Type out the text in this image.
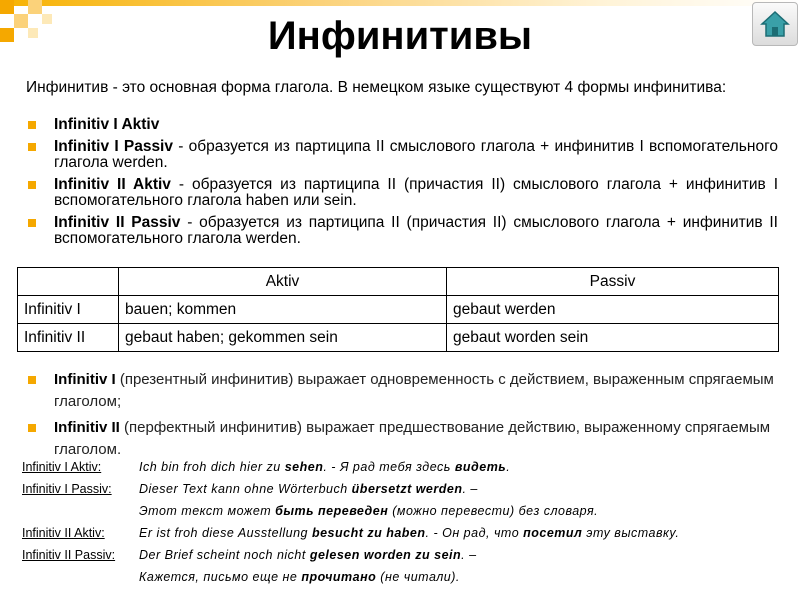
Инфинитивы
Инфинитив - это основная форма глагола. В немецком языке существуют 4 формы инфинитива:
Infinitiv I Aktiv
Infinitiv I Passiv - образуется из партиципа II смыслового глагола + инфинитив I вспомогательного глагола werden.
Infinitiv II Aktiv - образуется из партиципа II (причастия II) смыслового глагола + инфинитив I вспомогательного глагола haben или sein.
Infinitiv II Passiv - образуется из партиципа II (причастия II) смыслового глагола + инфинитив II вспомогательного глагола werden.
	Aktiv	Passiv
Infinitiv I	bauen; kommen	gebaut werden
Infinitiv II	gebaut haben; gekommen sein	gebaut worden sein
Infinitiv I (презентный инфинитив) выражает одновременность с действием, выраженным спрягаемым глаголом;
Infinitiv II (перфектный инфинитив) выражает предшествование действию, выраженному спрягаемым глаголом.
Infinitiv I Aktiv:	Ich bin froh dich hier zu sehen. - Я рад тебя здесь видеть.
Infinitiv I Passiv: Dieser Text kann ohne Wörterbuch übersetzt werden. –
Этот текст может быть переведен (можно перевести) без словаря.
Infinitiv II Aktiv:	Er ist froh diese Ausstellung besucht zu haben. - Он рад, что посетил эту выставку.
Infinitiv II Passiv: Der Brief scheint noch nicht gelesen worden zu sein. –
Кажется, письмо еще не прочитано (не читали).
